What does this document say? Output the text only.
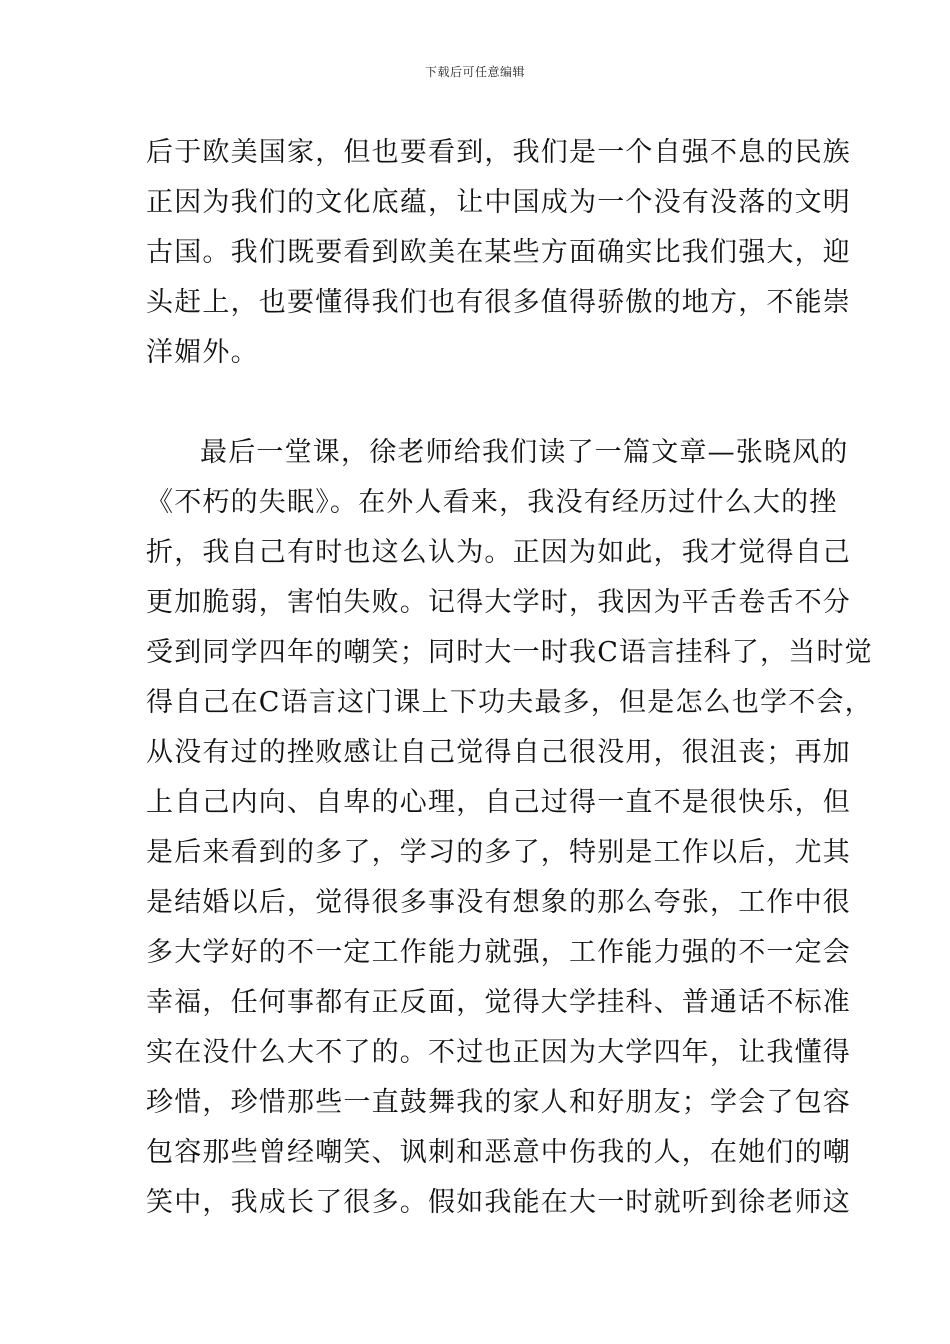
下载后可任意编辑
后于欧美国家，但也要看到，我们是一个自强不息的民族
正因为我们的文化底蕴，让中国成为一个没有没落的文明
古国。我们既要看到欧美在某些方面确实比我们强大，迎
头赶上，也要懂得我们也有很多值得骄傲的地方，不能崇
洋媚外。
最后一堂课，徐老师给我们读了一篇文章—张晓风的
《不朽的失眠》。在外人看来，我没有经历过什么大的挫
折，我自己有时也这么认为。正因为如此，我才觉得自己
更加脆弱，害怕失败。记得大学时，我因为平舌卷舌不分
受到同学四年的嘲笑；同时大一时我C语言挂科了，当时觉
得自己在C语言这门课上下功夫最多，但是怎么也学不会，
从没有过的挫败感让自己觉得自己很没用，很沮丧；再加
上自己内向、自卑的心理，自己过得一直不是很快乐，但
是后来看到的多了，学习的多了，特别是工作以后，尤其
是结婚以后，觉得很多事没有想象的那么夸张，工作中很
多大学好的不一定工作能力就强，工作能力强的不一定会
幸福，任何事都有正反面，觉得大学挂科、普通话不标准
实在没什么大不了的。不过也正因为大学四年，让我懂得
珍惜，珍惜那些一直鼓舞我的家人和好朋友；学会了包容
包容那些曾经嘲笑、讽刺和恶意中伤我的人，在她们的嘲
笑中，我成长了很多。假如我能在大一时就听到徐老师这
